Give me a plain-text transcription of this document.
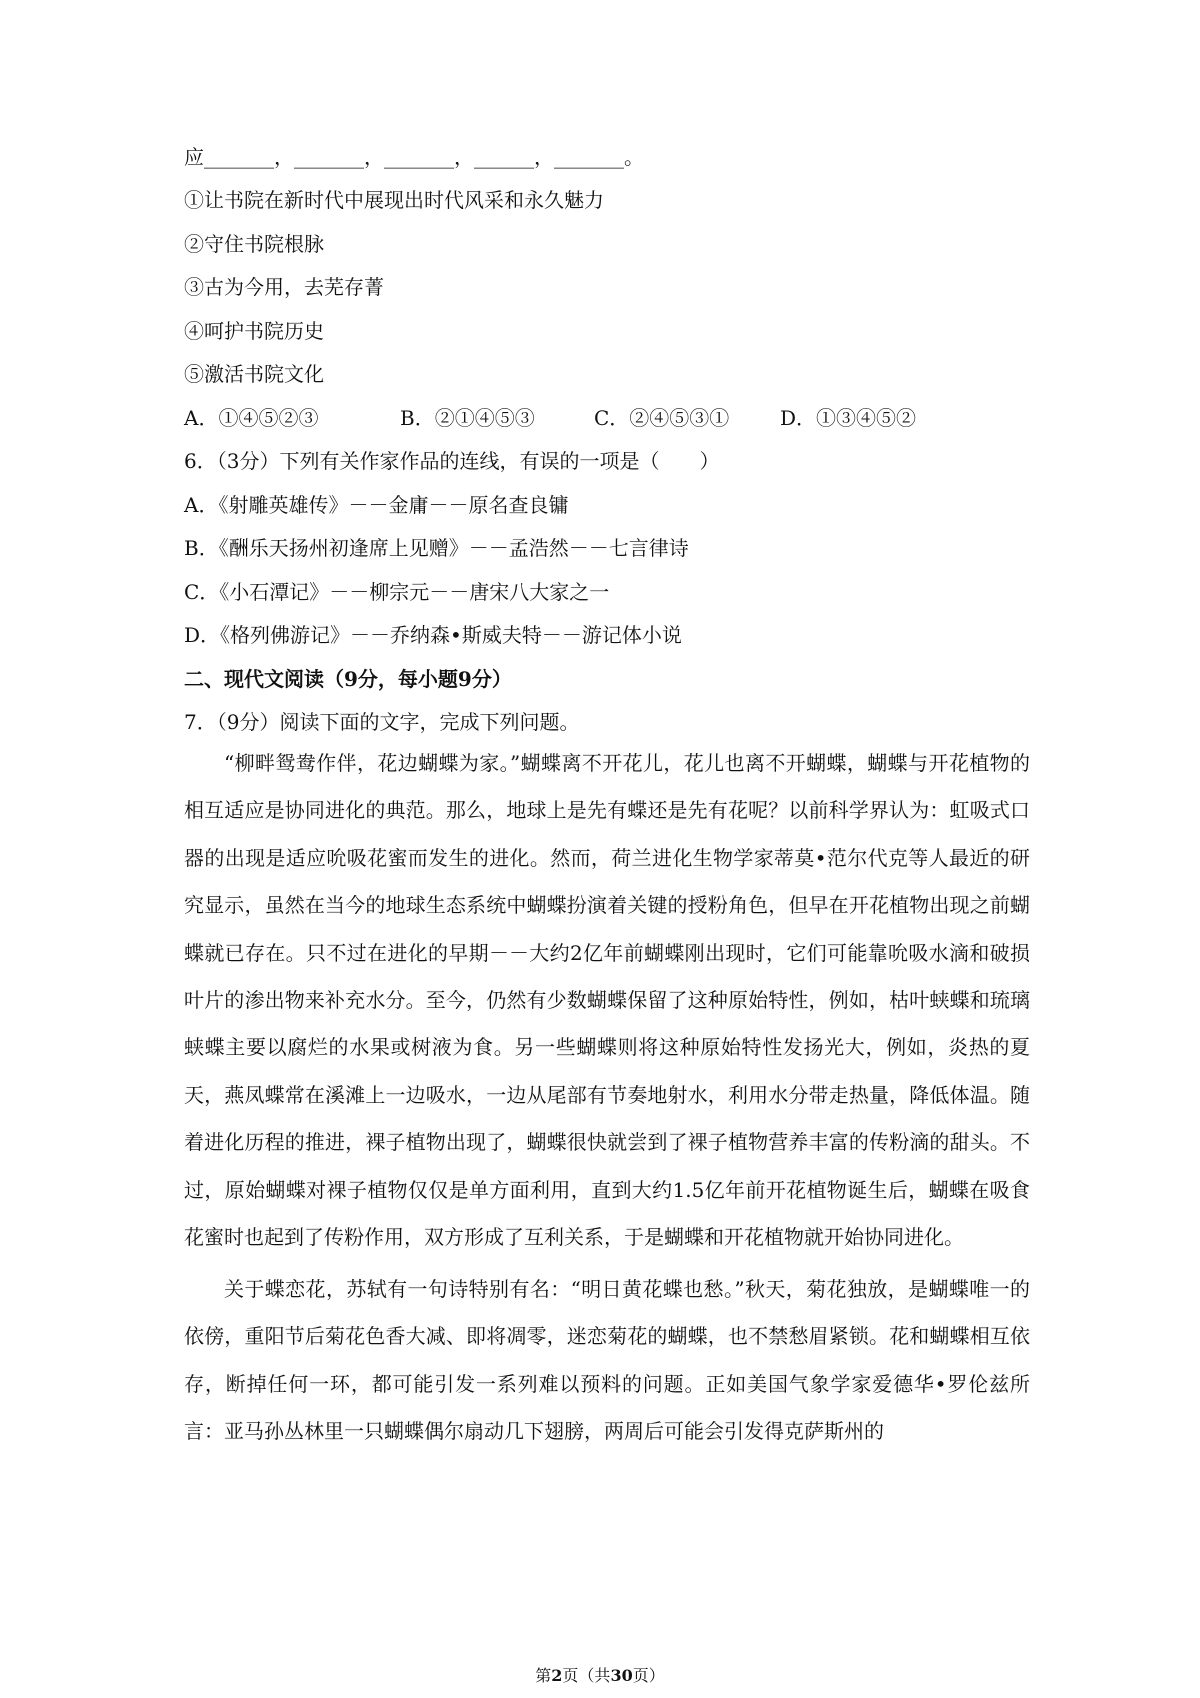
应_______，_______，_______，______，_______。
①让书院在新时代中展现出时代风采和永久魅力
②守住书院根脉
③古为今用，去芜存菁
④呵护书院历史
⑤激活书院文化
A．①④⑤②③	B．②①④⑤③	C．②④⑤③①	D．①③④⑤②
6．（3分）下列有关作家作品的连线，有误的一项是（　　）
A．《射雕英雄传》－－金庸－－原名查良镛
B．《酬乐天扬州初逢席上见赠》－－孟浩然－－七言律诗
C．《小石潭记》－－柳宗元－－唐宋八大家之一
D．《格列佛游记》－－乔纳森•斯威夫特－－游记体小说
二、现代文阅读（9分，每小题9分）
7．（9分）阅读下面的文字，完成下列问题。

“柳畔鸳鸯作伴，花边蝴蝶为家。”蝴蝶离不开花儿，花儿也离不开蝴蝶，蝴蝶与开花植物的相互适应是协同进化的典范。那么，地球上是先有蝶还是先有花呢？以前科学界认为：虹吸式口器的出现是适应吮吸花蜜而发生的进化。然而，荷兰进化生物学家蒂莫•范尔代克等人最近的研究显示，虽然在当今的地球生态系统中蝴蝶扮演着关键的授粉角色，但早在开花植物出现之前蝴蝶就已存在。只不过在进化的早期－－大约2亿年前蝴蝶刚出现时，它们可能靠吮吸水滴和破损叶片的渗出物来补充水分。至今，仍然有少数蝴蝶保留了这种原始特性，例如，枯叶蛱蝶和琉璃蛱蝶主要以腐烂的水果或树液为食。另一些蝴蝶则将这种原始特性发扬光大，例如，炎热的夏天，燕凤蝶常在溪滩上一边吸水，一边从尾部有节奏地射水，利用水分带走热量，降低体温。随着进化历程的推进，裸子植物出现了，蝴蝶很快就尝到了裸子植物营养丰富的传粉滴的甜头。不过，原始蝴蝶对裸子植物仅仅是单方面利用，直到大约1.5亿年前开花植物诞生后，蝴蝶在吸食花蜜时也起到了传粉作用，双方形成了互利关系，于是蝴蝶和开花植物就开始协同进化。

关于蝶恋花，苏轼有一句诗特别有名：“明日黄花蝶也愁。”秋天，菊花独放，是蝴蝶唯一的依傍，重阳节后菊花色香大减、即将凋零，迷恋菊花的蝴蝶，也不禁愁眉紧锁。花和蝴蝶相互依存，断掉任何一环，都可能引发一系列难以预料的问题。正如美国气象学家爱德华•罗伦兹所言：亚马孙丛林里一只蝴蝶偶尔扇动几下翅膀，两周后可能会引发得克萨斯州的

第2页（共30页）
